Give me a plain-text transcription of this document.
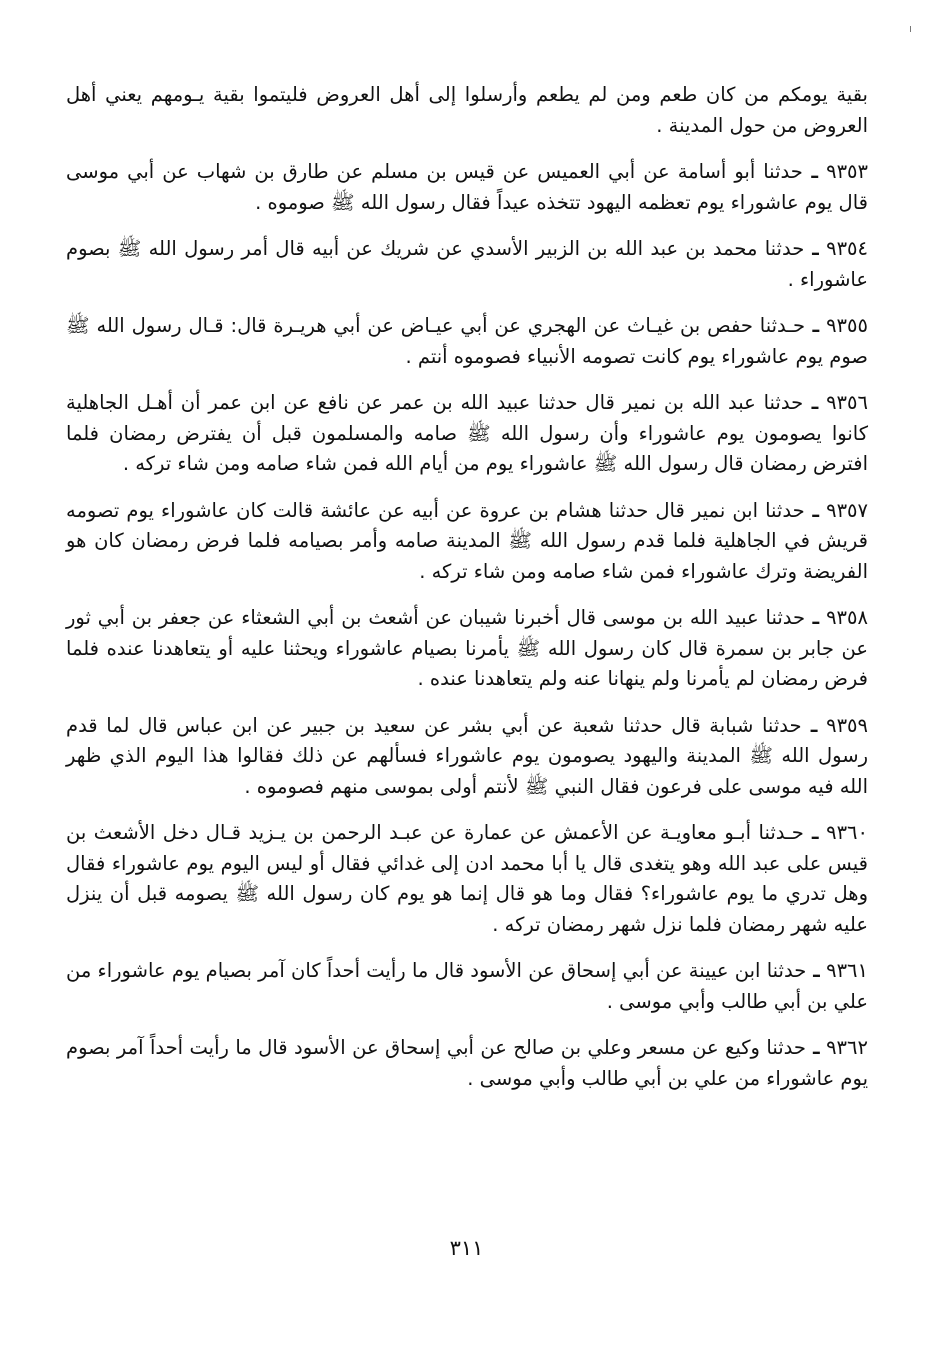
بقية يومكم من كان طعم ومن لم يطعم وأرسلوا إلى أهل العروض فليتموا بقية يـومهم يعني أهل العروض من حول المدينة .

٩٣٥٣ ـ حدثنا أبو أسامة عن أبي العميس عن قيس بن مسلم عن طارق بن شهاب عن أبي موسى قال يوم عاشوراء يوم تعظمه اليهود تتخذه عيداً فقال رسول الله ﷺ صوموه .

٩٣٥٤ ـ حدثنا محمد بن عبد الله بن الزبير الأسدي عن شريك عن أبيه قال أمر رسول الله ﷺ بصوم عاشوراء .

٩٣٥٥ ـ حـدثنا حفص بن غيـاث عن الهجري عن أبي عيـاض عن أبي هريـرة قال: قـال رسول الله ﷺ صوم يوم عاشوراء يوم كانت تصومه الأنبياء فصوموه أنتم .

٩٣٥٦ ـ حدثنا عبد الله بن نمير قال حدثنا عبيد الله بن عمر عن نافع عن ابن عمر أن أهـل الجاهلية كانوا يصومون يوم عاشوراء وأن رسول الله ﷺ صامه والمسلمون قبل أن يفترض رمضان فلما افترض رمضان قال رسول الله ﷺ عاشوراء يوم من أيام الله فمن شاء صامه ومن شاء تركه .

٩٣٥٧ ـ حدثنا ابن نمير قال حدثنا هشام بن عروة عن أبيه عن عائشة قالت كان عاشوراء يوم تصومه قريش في الجاهلية فلما قدم رسول الله ﷺ المدينة صامه وأمر بصيامه فلما فرض رمضان كان هو الفريضة وترك عاشوراء فمن شاء صامه ومن شاء تركه .

٩٣٥٨ ـ حدثنا عبيد الله بن موسى قال أخبرنا شيبان عن أشعث بن أبي الشعثاء عن جعفر بن أبي ثور عن جابر بن سمرة قال كان رسول الله ﷺ يأمرنا بصيام عاشوراء ويحثنا عليه أو يتعاهدنا عنده فلما فرض رمضان لم يأمرنا ولم ينهانا عنه ولم يتعاهدنا عنده .

٩٣٥٩ ـ حدثنا شبابة قال حدثنا شعبة عن أبي بشر عن سعيد بن جبير عن ابن عباس قال لما قدم رسول الله ﷺ المدينة واليهود يصومون يوم عاشوراء فسألهم عن ذلك فقالوا هذا اليوم الذي ظهر الله فيه موسى على فرعون فقال النبي ﷺ لأنتم أولى بموسى منهم فصوموه .

٩٣٦٠ ـ حـدثنا أبـو معاويـة عن الأعمش عن عمارة عن عبـد الرحمن بن يـزيد قـال دخل الأشعث بن قيس على عبد الله وهو يتغدى قال يا أبا محمد ادن إلى غدائي فقال أو ليس اليوم يوم عاشوراء فقال وهل تدري ما يوم عاشوراء؟ فقال وما هو قال إنما هو يوم كان رسول الله ﷺ يصومه قبل أن ينزل عليه شهر رمضان فلما نزل شهر رمضان تركه .

٩٣٦١ ـ حدثنا ابن عيينة عن أبي إسحاق عن الأسود قال ما رأيت أحداً كان آمر بصيام يوم عاشوراء من علي بن أبي طالب وأبي موسى .

٩٣٦٢ ـ حدثنا وكيع عن مسعر وعلي بن صالح عن أبي إسحاق عن الأسود قال ما رأيت أحداً آمر بصوم يوم عاشوراء من علي بن أبي طالب وأبي موسى .

٣١١
